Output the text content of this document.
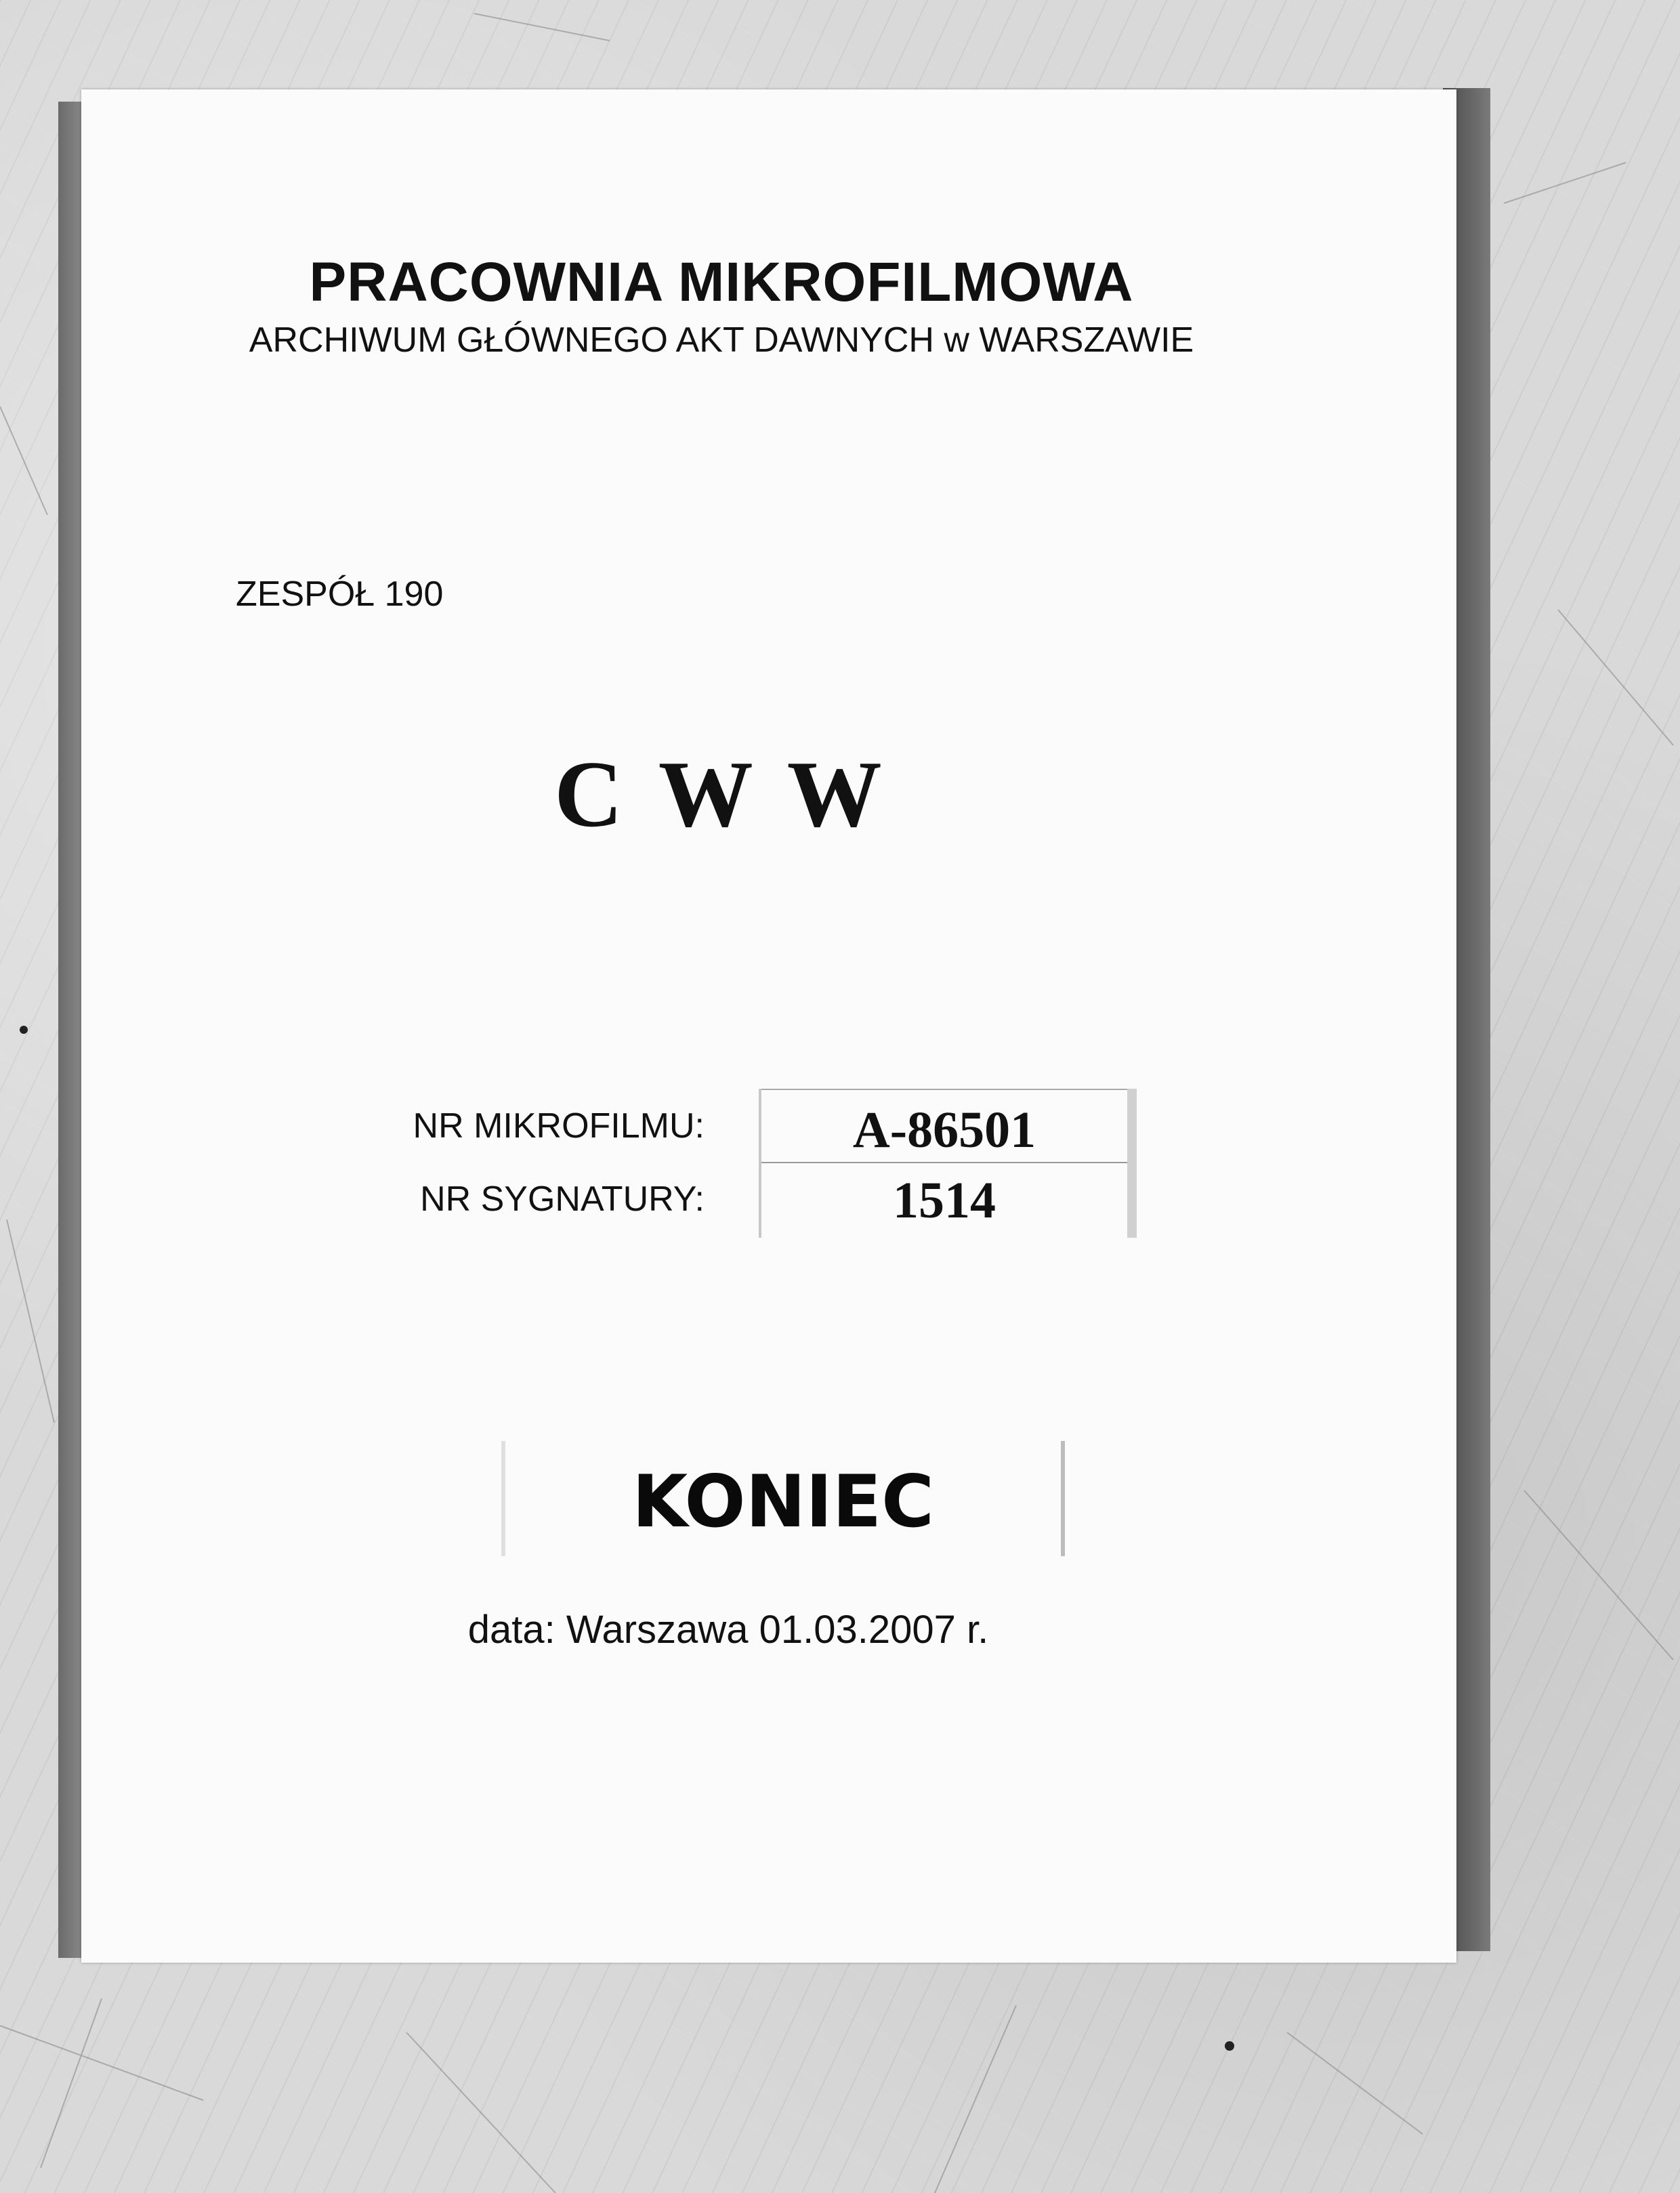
PRACOWNIA MIKROFILMOWA
ARCHIWUM GŁÓWNEGO AKT DAWNYCH w WARSZAWIE
ZESPÓŁ 190
C W W
NR MIKROFILMU:
NR SYGNATURY:
A-86501
1514
KONIEC
data: Warszawa 01.03.2007 r.
